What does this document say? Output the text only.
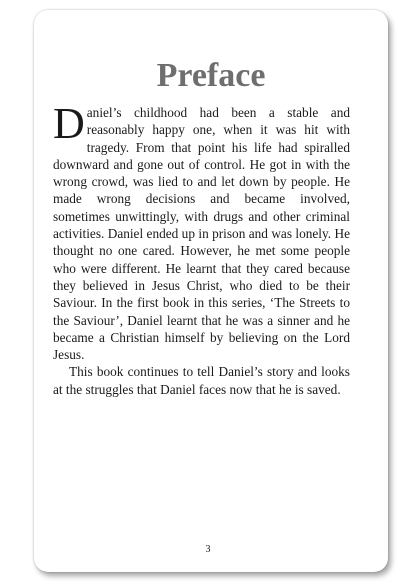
Preface

Daniel’s childhood had been a stable and reasonably happy one, when it was hit with tragedy. From that point his life had spiralled downward and gone out of control. He got in with the wrong crowd, was lied to and let down by people. He made wrong decisions and became involved, sometimes unwittingly, with drugs and other criminal activities. Daniel ended up in prison and was lonely. He thought no one cared. However, he met some people who were different. He learnt that they cared because they believed in Jesus Christ, who died to be their Saviour. In the first book in this series, ‘The Streets to the Saviour’, Daniel learnt that he was a sinner and he became a Christian himself by believing on the Lord Jesus.

This book continues to tell Daniel’s story and looks at the struggles that Daniel faces now that he is saved.

3
